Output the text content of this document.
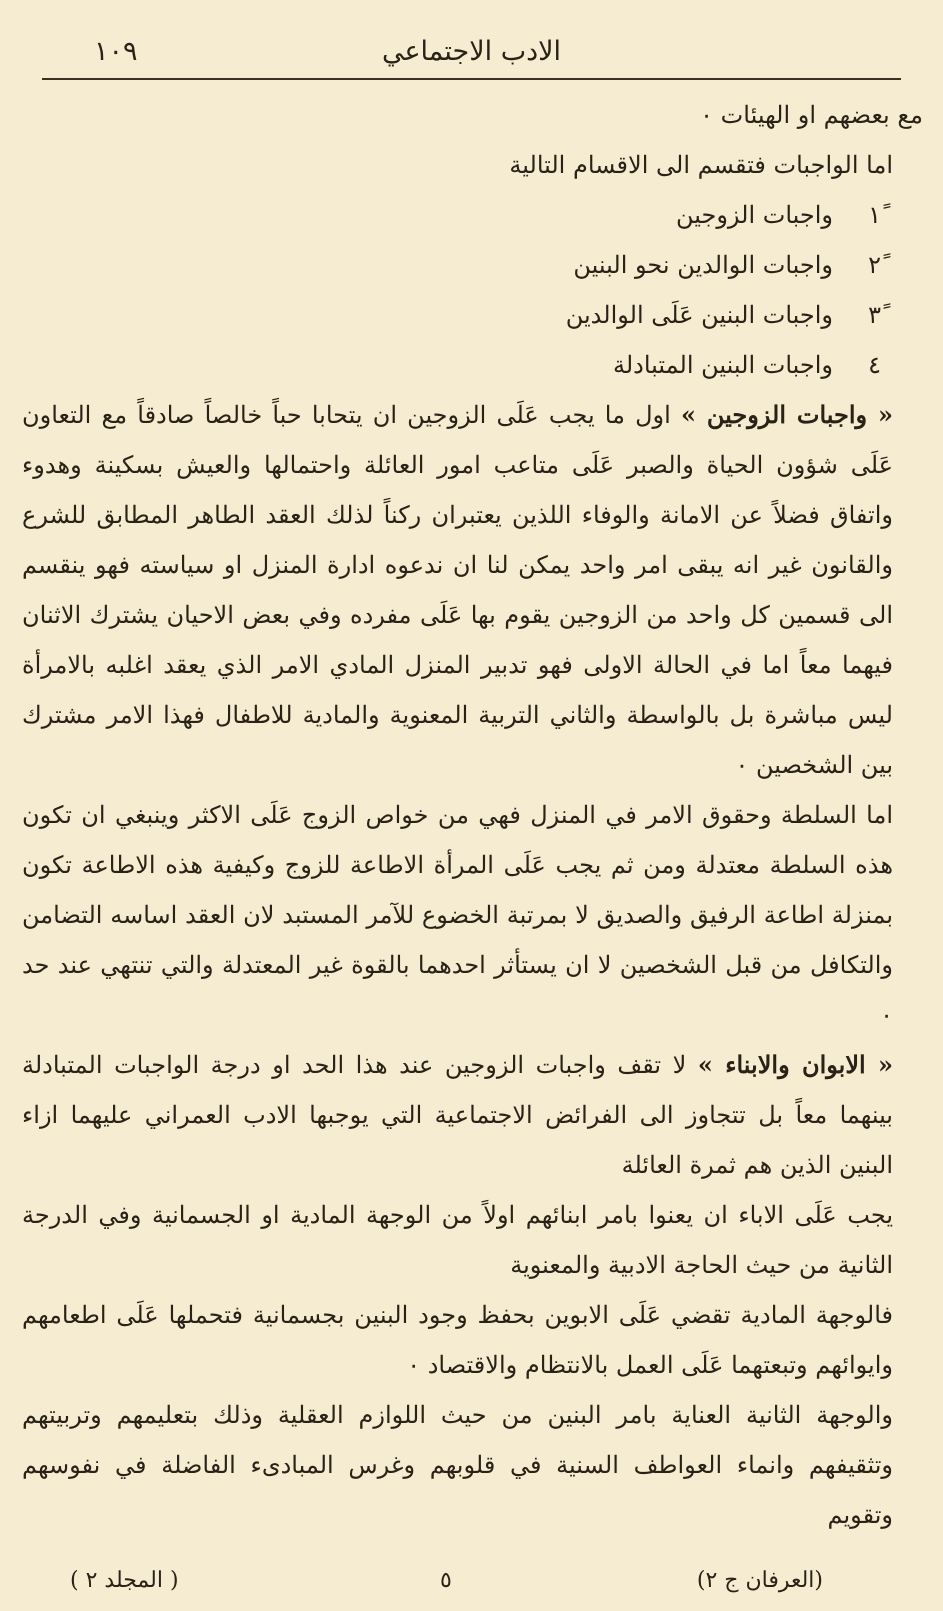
الادب الاجتماعي
١٠٩

مع بعضهم او الهيئات ٠

اما الواجبات فتقسم الى الاقسام التالية

١ًواجبات الزوجين
٢ًواجبات الوالدين نحو البنين
٣ًواجبات البنين عَلَى الوالدين
٤واجبات البنين المتبادلة

« واجبات الزوجين » اول ما يجب عَلَى الزوجين ان يتحابا حباً خالصاً صادقاً مع التعاون عَلَى شؤون الحياة والصبر عَلَى متاعب امور العائلة واحتمالها والعيش بسكينة وهدوء واتفاق فضلاً عن الامانة والوفاء اللذين يعتبران ركناً لذلك العقد الطاهر المطابق للشرع والقانون غير انه يبقى امر واحد يمكن لنا ان ندعوه ادارة المنزل او سياسته فهو ينقسم الى قسمين كل واحد من الزوجين يقوم بها عَلَى مفرده وفي بعض الاحيان يشترك الاثنان فيهما معاً اما في الحالة الاولى فهو تدبير المنزل المادي الامر الذي يعقد اغلبه بالامرأة ليس مباشرة بل بالواسطة والثاني التربية المعنوية والمادية للاطفال فهذا الامر مشترك بين الشخصين ٠

اما السلطة وحقوق الامر في المنزل فهي من خواص الزوج عَلَى الاكثر وينبغي ان تكون هذه السلطة معتدلة ومن ثم يجب عَلَى المرأة الاطاعة للزوج وكيفية هذه الاطاعة تكون بمنزلة اطاعة الرفيق والصديق لا بمرتبة الخضوع للآمر المستبد لان العقد اساسه التضامن والتكافل من قبل الشخصين لا ان يستأثر احدهما بالقوة غير المعتدلة والتي تنتهي عند حد ٠

« الابوان والابناء » لا تقف واجبات الزوجين عند هذا الحد او درجة الواجبات المتبادلة بينهما معاً بل تتجاوز الى الفرائض الاجتماعية التي يوجبها الادب العمراني عليهما ازاء البنين الذين هم ثمرة العائلة

يجب عَلَى الاباء ان يعنوا بامر ابنائهم اولاً من الوجهة المادية او الجسمانية وفي الدرجة الثانية من حيث الحاجة الادبية والمعنوية

فالوجهة المادية تقضي عَلَى الابوين بحفظ وجود البنين بجسمانية فتحملها عَلَى اطعامهم وايوائهم وتبعتهما عَلَى العمل بالانتظام والاقتصاد ٠

والوجهة الثانية العناية بامر البنين من حيث اللوازم العقلية وذلك بتعليمهم وتربيتهم وتثقيفهم وانماء العواطف السنية في قلوبهم وغرس المبادىء الفاضلة في نفوسهم وتقويم

( المجلد ٢ )	٥	(العرفان ج ٢)
